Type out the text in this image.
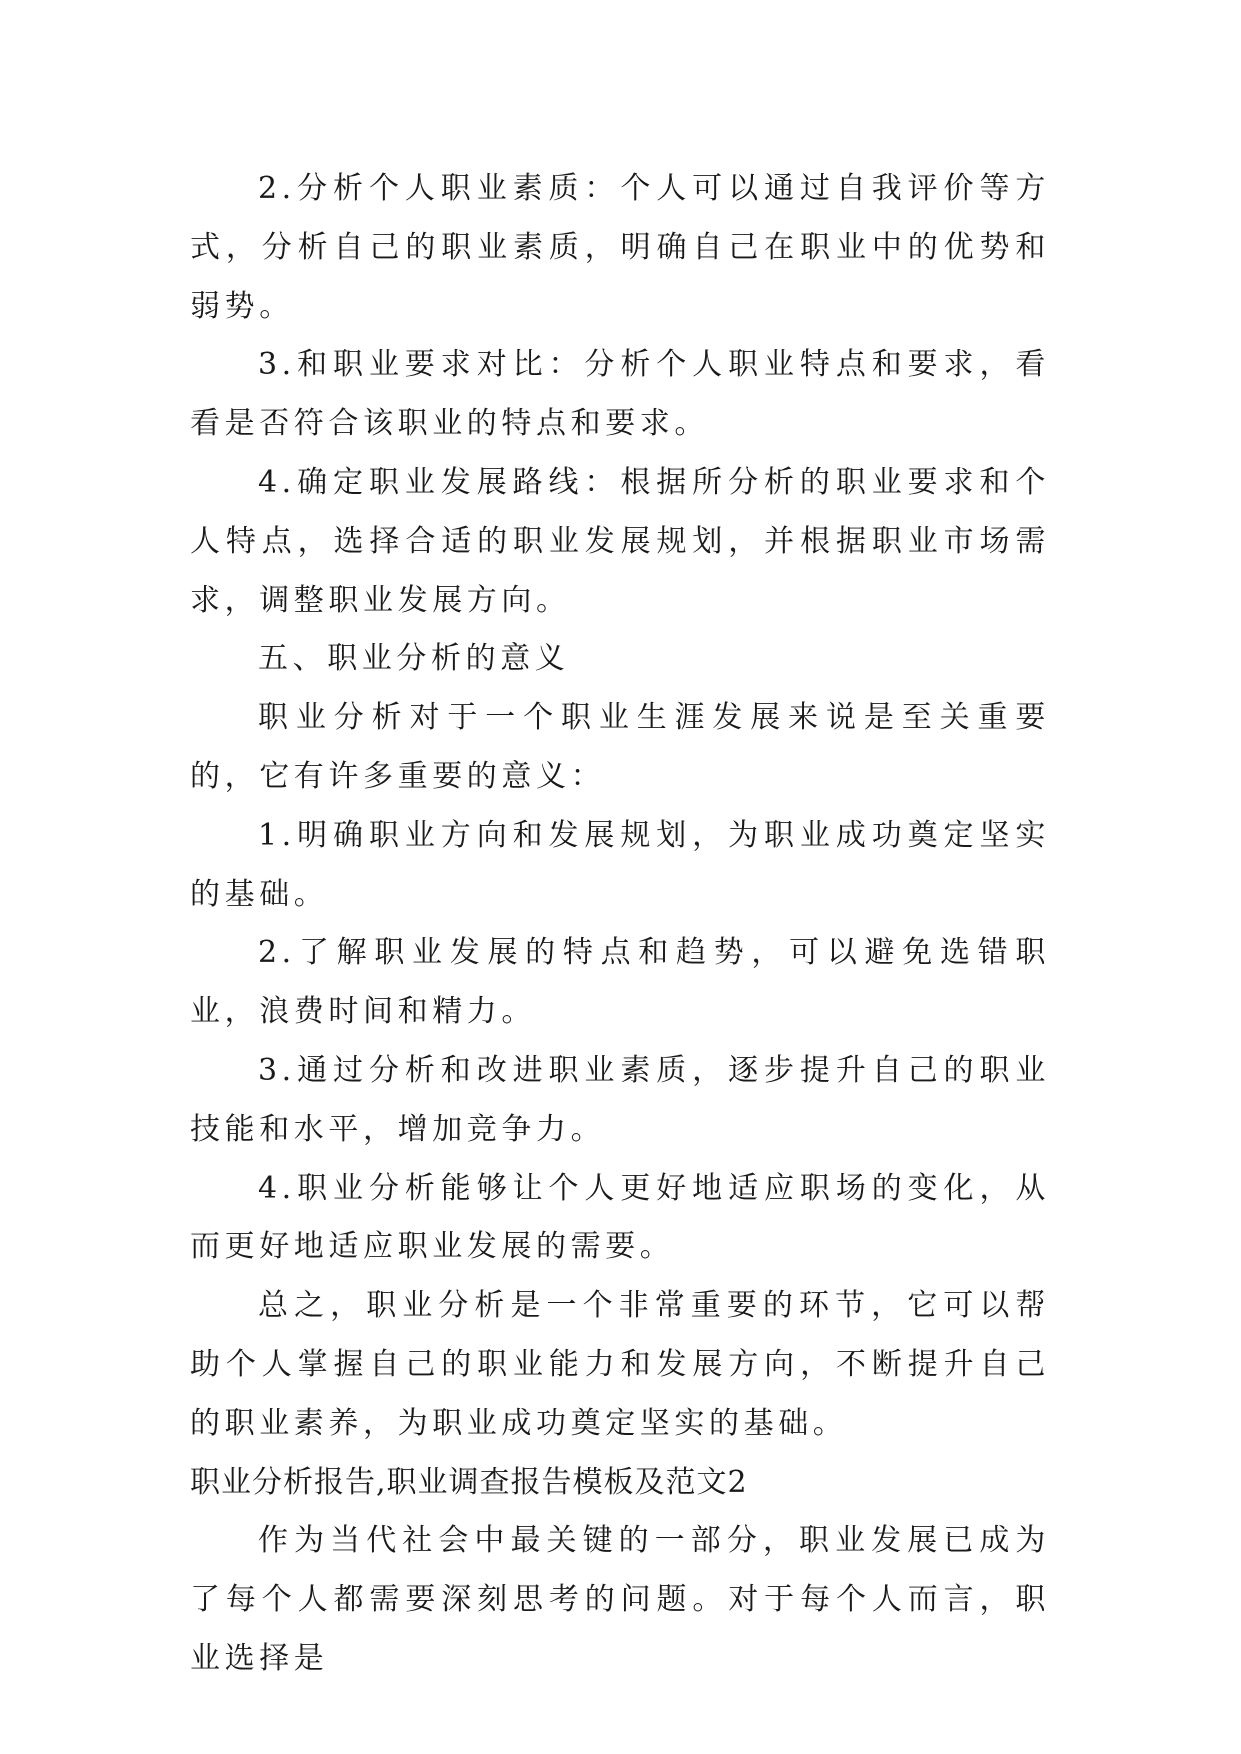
2.分析个人职业素质：个人可以通过自我评价等方式，分析自己的职业素质，明确自己在职业中的优势和弱势。

3.和职业要求对比：分析个人职业特点和要求，看看是否符合该职业的特点和要求。

4.确定职业发展路线：根据所分析的职业要求和个人特点，选择合适的职业发展规划，并根据职业市场需求，调整职业发展方向。

五、职业分析的意义

职业分析对于一个职业生涯发展来说是至关重要的，它有许多重要的意义：

1.明确职业方向和发展规划，为职业成功奠定坚实的基础。

2.了解职业发展的特点和趋势，可以避免选错职业，浪费时间和精力。

3.通过分析和改进职业素质，逐步提升自己的职业技能和水平，增加竞争力。

4.职业分析能够让个人更好地适应职场的变化，从而更好地适应职业发展的需要。

总之，职业分析是一个非常重要的环节，它可以帮助个人掌握自己的职业能力和发展方向，不断提升自己的职业素养，为职业成功奠定坚实的基础。

职业分析报告,职业调查报告模板及范文2

作为当代社会中最关键的一部分，职业发展已成为了每个人都需要深刻思考的问题。对于每个人而言，职业选择是
